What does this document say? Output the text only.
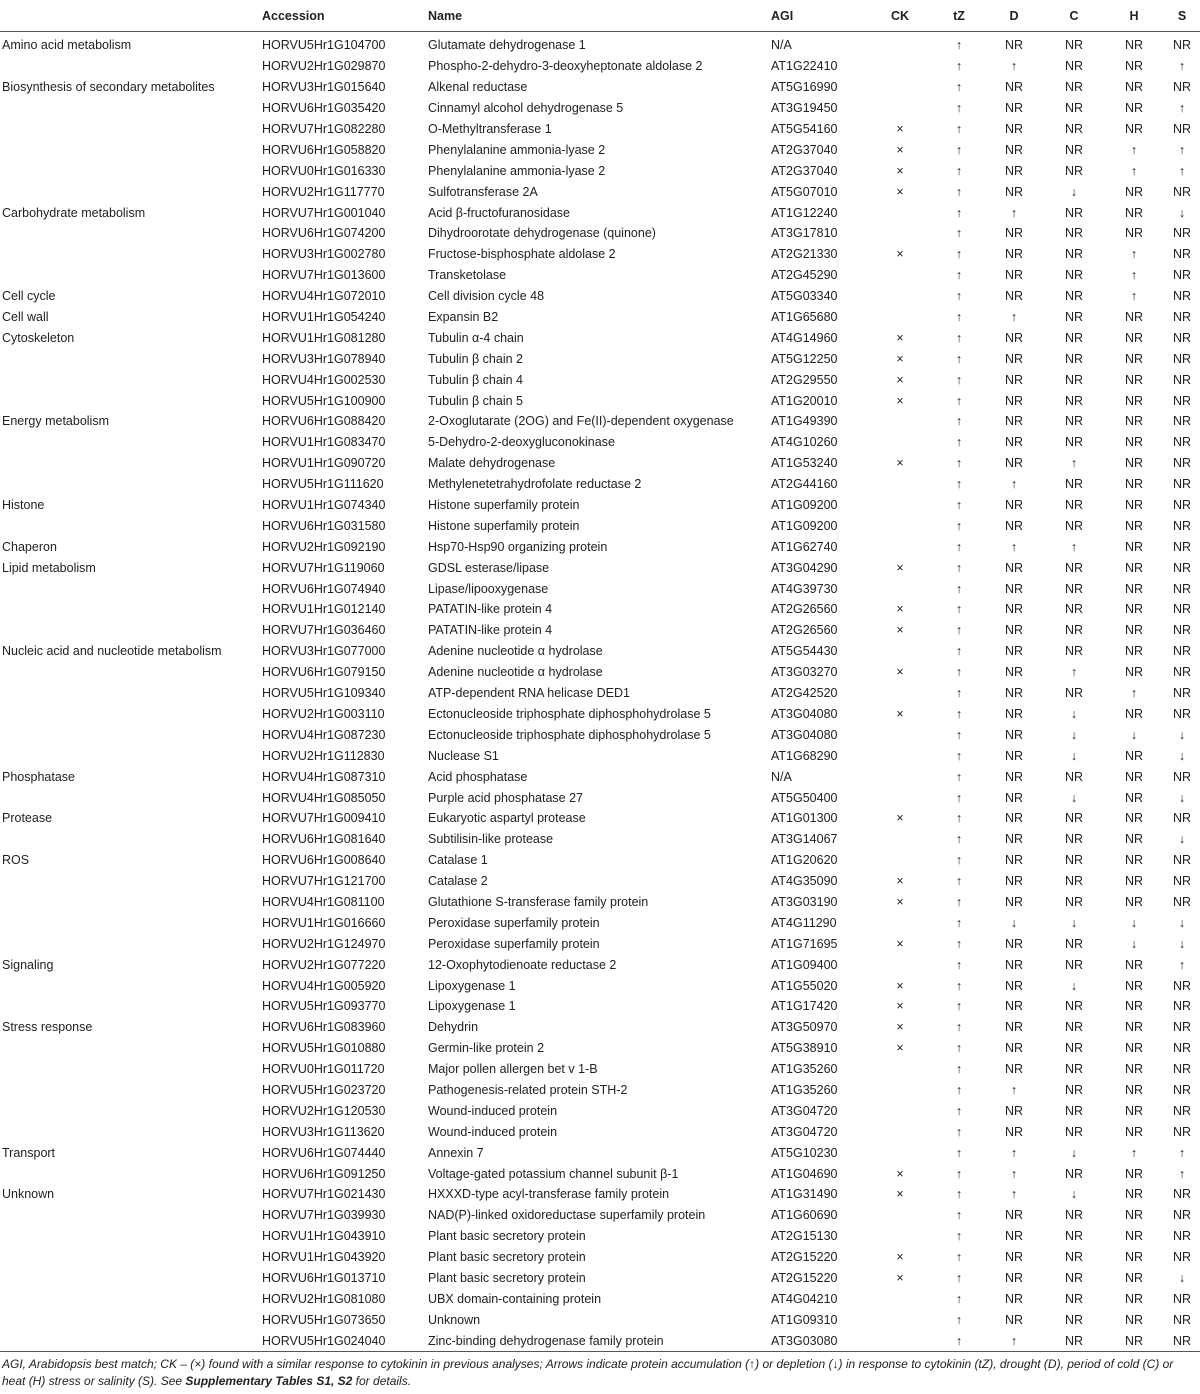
	Accession	Name	AGI	CK	tZ	D	C	H	S
Amino acid metabolism	HORVU5Hr1G104700	Glutamate dehydrogenase 1	N/A		↑	NR	NR	NR	NR
	HORVU2Hr1G029870	Phospho-2-dehydro-3-deoxyheptonate aldolase 2	AT1G22410		↑	↑	NR	NR	↑
Biosynthesis of secondary metabolites	HORVU3Hr1G015640	Alkenal reductase	AT5G16990		↑	NR	NR	NR	NR
	HORVU6Hr1G035420	Cinnamyl alcohol dehydrogenase 5	AT3G19450		↑	NR	NR	NR	↑
	HORVU7Hr1G082280	O-Methyltransferase 1	AT5G54160	×	↑	NR	NR	NR	NR
	HORVU6Hr1G058820	Phenylalanine ammonia-lyase 2	AT2G37040	×	↑	NR	NR	↑	↑
	HORVU0Hr1G016330	Phenylalanine ammonia-lyase 2	AT2G37040	×	↑	NR	NR	↑	↑
	HORVU2Hr1G117770	Sulfotransferase 2A	AT5G07010	×	↑	NR	↓	NR	NR
Carbohydrate metabolism	HORVU7Hr1G001040	Acid β-fructofuranosidase	AT1G12240		↑	↑	NR	NR	↓
	HORVU6Hr1G074200	Dihydroorotate dehydrogenase (quinone)	AT3G17810		↑	NR	NR	NR	NR
	HORVU3Hr1G002780	Fructose-bisphosphate aldolase 2	AT2G21330	×	↑	NR	NR	↑	NR
	HORVU7Hr1G013600	Transketolase	AT2G45290		↑	NR	NR	↑	NR
Cell cycle	HORVU4Hr1G072010	Cell division cycle 48	AT5G03340		↑	NR	NR	↑	NR
Cell wall	HORVU1Hr1G054240	Expansin B2	AT1G65680		↑	↑	NR	NR	NR
Cytoskeleton	HORVU1Hr1G081280	Tubulin α-4 chain	AT4G14960	×	↑	NR	NR	NR	NR
	HORVU3Hr1G078940	Tubulin β chain 2	AT5G12250	×	↑	NR	NR	NR	NR
	HORVU4Hr1G002530	Tubulin β chain 4	AT2G29550	×	↑	NR	NR	NR	NR
	HORVU5Hr1G100900	Tubulin β chain 5	AT1G20010	×	↑	NR	NR	NR	NR
Energy metabolism	HORVU6Hr1G088420	2-Oxoglutarate (2OG) and Fe(II)-dependent oxygenase	AT1G49390		↑	NR	NR	NR	NR
	HORVU1Hr1G083470	5-Dehydro-2-deoxygluconokinase	AT4G10260		↑	NR	NR	NR	NR
	HORVU1Hr1G090720	Malate dehydrogenase	AT1G53240	×	↑	NR	↑	NR	NR
	HORVU5Hr1G111620	Methylenetetrahydrofolate reductase 2	AT2G44160		↑	↑	NR	NR	NR
Histone	HORVU1Hr1G074340	Histone superfamily protein	AT1G09200		↑	NR	NR	NR	NR
	HORVU6Hr1G031580	Histone superfamily protein	AT1G09200		↑	NR	NR	NR	NR
Chaperon	HORVU2Hr1G092190	Hsp70-Hsp90 organizing protein	AT1G62740		↑	↑	↑	NR	NR
Lipid metabolism	HORVU7Hr1G119060	GDSL esterase/lipase	AT3G04290	×	↑	NR	NR	NR	NR
	HORVU6Hr1G074940	Lipase/lipooxygenase	AT4G39730		↑	NR	NR	NR	NR
	HORVU1Hr1G012140	PATATIN-like protein 4	AT2G26560	×	↑	NR	NR	NR	NR
	HORVU7Hr1G036460	PATATIN-like protein 4	AT2G26560	×	↑	NR	NR	NR	NR
Nucleic acid and nucleotide metabolism	HORVU3Hr1G077000	Adenine nucleotide α hydrolase	AT5G54430		↑	NR	NR	NR	NR
	HORVU6Hr1G079150	Adenine nucleotide α hydrolase	AT3G03270	×	↑	NR	↑	NR	NR
	HORVU5Hr1G109340	ATP-dependent RNA helicase DED1	AT2G42520		↑	NR	NR	↑	NR
	HORVU2Hr1G003110	Ectonucleoside triphosphate diphosphohydrolase 5	AT3G04080	×	↑	NR	↓	NR	NR
	HORVU4Hr1G087230	Ectonucleoside triphosphate diphosphohydrolase 5	AT3G04080		↑	NR	↓	↓	↓
	HORVU2Hr1G112830	Nuclease S1	AT1G68290		↑	NR	↓	NR	↓
Phosphatase	HORVU4Hr1G087310	Acid phosphatase	N/A		↑	NR	NR	NR	NR
	HORVU4Hr1G085050	Purple acid phosphatase 27	AT5G50400		↑	NR	↓	NR	↓
Protease	HORVU7Hr1G009410	Eukaryotic aspartyl protease	AT1G01300	×	↑	NR	NR	NR	NR
	HORVU6Hr1G081640	Subtilisin-like protease	AT3G14067		↑	NR	NR	NR	↓
ROS	HORVU6Hr1G008640	Catalase 1	AT1G20620		↑	NR	NR	NR	NR
	HORVU7Hr1G121700	Catalase 2	AT4G35090	×	↑	NR	NR	NR	NR
	HORVU4Hr1G081100	Glutathione S-transferase family protein	AT3G03190	×	↑	NR	NR	NR	NR
	HORVU1Hr1G016660	Peroxidase superfamily protein	AT4G11290		↑	↓	↓	↓	↓
	HORVU2Hr1G124970	Peroxidase superfamily protein	AT1G71695	×	↑	NR	NR	↓	↓
Signaling	HORVU2Hr1G077220	12-Oxophytodienoate reductase 2	AT1G09400		↑	NR	NR	NR	↑
	HORVU4Hr1G005920	Lipoxygenase 1	AT1G55020	×	↑	NR	↓	NR	NR
	HORVU5Hr1G093770	Lipoxygenase 1	AT1G17420	×	↑	NR	NR	NR	NR
Stress response	HORVU6Hr1G083960	Dehydrin	AT3G50970	×	↑	NR	NR	NR	NR
	HORVU5Hr1G010880	Germin-like protein 2	AT5G38910	×	↑	NR	NR	NR	NR
	HORVU0Hr1G011720	Major pollen allergen bet v 1-B	AT1G35260		↑	NR	NR	NR	NR
	HORVU5Hr1G023720	Pathogenesis-related protein STH-2	AT1G35260		↑	↑	NR	NR	NR
	HORVU2Hr1G120530	Wound-induced protein	AT3G04720		↑	NR	NR	NR	NR
	HORVU3Hr1G113620	Wound-induced protein	AT3G04720		↑	NR	NR	NR	NR
Transport	HORVU6Hr1G074440	Annexin 7	AT5G10230		↑	↑	↓	↑	↑
	HORVU6Hr1G091250	Voltage-gated potassium channel subunit β-1	AT1G04690	×	↑	↑	NR	NR	↑
Unknown	HORVU7Hr1G021430	HXXXD-type acyl-transferase family protein	AT1G31490	×	↑	↑	↓	NR	NR
	HORVU7Hr1G039930	NAD(P)-linked oxidoreductase superfamily protein	AT1G60690		↑	NR	NR	NR	NR
	HORVU1Hr1G043910	Plant basic secretory protein	AT2G15130		↑	NR	NR	NR	NR
	HORVU1Hr1G043920	Plant basic secretory protein	AT2G15220	×	↑	NR	NR	NR	NR
	HORVU6Hr1G013710	Plant basic secretory protein	AT2G15220	×	↑	NR	NR	NR	↓
	HORVU2Hr1G081080	UBX domain-containing protein	AT4G04210		↑	NR	NR	NR	NR
	HORVU5Hr1G073650	Unknown	AT1G09310		↑	NR	NR	NR	NR
	HORVU5Hr1G024040	Zinc-binding dehydrogenase family protein	AT3G03080		↑	↑	NR	NR	NR
AGI, Arabidopsis best match; CK – (×) found with a similar response to cytokinin in previous analyses; Arrows indicate protein accumulation (↑) or depletion (↓) in response to cytokinin (tZ), drought (D), period of cold (C) or heat (H) stress or salinity (S). See Supplementary Tables S1, S2 for details.
